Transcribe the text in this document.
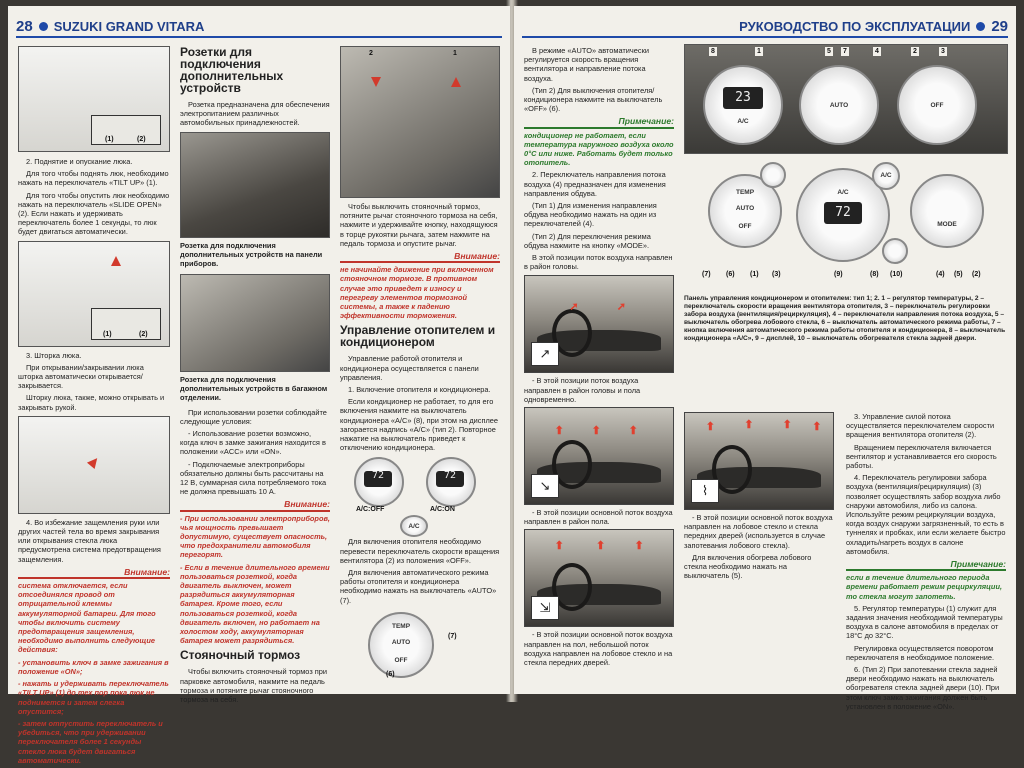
28 SUZUKI GRAND VITARA
(1)	(2)

2. Поднятие и опускание люка.

Для того чтобы поднять люк, необходимо нажать на переключатель «TILT UP» (1).

Для того чтобы опустить люк необходимо нажать на переключатель «SLIDE OPEN» (2). Если нажать и удерживать переключатель более 1 секунды, то люк будет двигаться автоматически.

(1)	(2)

3. Шторка люка.

При открывании/закрывании люка шторка автоматически открывается/закрывается.

Шторку люка, также, можно открывать и закрывать рукой.

4. Во избежание защемления руки или других частей тела во время закрывания или открывания стекла люка предусмотрена система предотвращения защемления.

Внимание:

система отключается, если отсоединялся провод от отрицательной клеммы аккумуляторной батареи. Для того чтобы включить систему предотвращения защемления, необходимо выполнить следующие действия:

- установить ключ в замке зажигания в положение «ON»;

- нажать и удерживать переключатель «TILT UP» (1) до тех пор пока люк не поднимется и затем слегка опустится;

- затем отпустить переключатель и убедиться, что при удерживании переключателя более 1 секунды стекло люка будет двигаться автоматически.

Розетки для подключения дополнительных устройств

Розетка предназначена для обеспечения электропитанием различных автомобильных принадлежностей.

Розетка для подключения дополнительных устройств на панели приборов.
Розетка для подключения дополнительных устройств в багажном отделении.

При использовании розетки соблюдайте следующие условия:

- Использование розетки возможно, когда ключ в замке зажигания находится в положении «ACC» или «ON».

- Подключаемые электроприборы обязательно должны быть рассчитаны на 12 В, суммарная сила потребляемого тока не должна превышать 10 А.

Внимание:

- При использовании электроприборов, чья мощность превышает допустимую, существует опасность, что предохранители автомобиля перегорят.

- Если в течение длительного времени пользоваться розеткой, когда двигатель выключен, может разрядиться аккумуляторная батарея. Кроме того, если пользоваться розеткой, когда двигатель включен, но работает на холостом ходу, аккумуляторная батарея может разрядиться.

Стояночный тормоз

Чтобы включить стояночный тормоз при парковке автомобиля, нажмите на педаль тормоза и потяните рычаг стояночного тормоза на себя.

2	1

Чтобы выключить стояночный тормоз, потяните рычаг стояночного тормоза на себя, нажмите и удерживайте кнопку, находящуюся в торце рукоятки рычага, затем нажмите на педаль тормоза и опустите рычаг.

Внимание:

не начинайте движение при включенном стояночном тормозе. В противном случае это приведет к износу и перегреву элементов тормозной системы, а также к падению эффективности торможения.

Управление отопителем и кондиционером

Управление работой отопителя и кондиционера осуществляется с панели управления.

1. Включение отопителя и кондиционера.

Если кондиционер не работает, то для его включения нажмите на выключатель кондиционера «A/C» (8), при этом на дисплее загорается надпись «A/C» (тип 2). Повторное нажатие на выключатель приведет к отключению кондиционера.

72	72
A/C:OFF	A/C:ON
A/C

Для включения отопителя необходимо перевести переключатель скорости вращения вентилятора (2) из положения «OFF».

Для включения автоматического режима работы отопителя и кондиционера необходимо нажать на выключатель «AUTO» (7).

TEMP
AUTO
OFF
(7)
(6)
РУКОВОДСТВО ПО ЭКСПЛУАТАЦИИ 29

В режиме «AUTO» автоматически регулируется скорость вращения вентилятора и направление потока воздуха.

(Тип 2) Для выключения отопителя/кондиционера нажмите на выключатель «OFF» (6).

Примечание:

кондиционер не работает, если температура наружного воздуха около 0°С или ниже. Работать будет только отопитель.

2. Переключатель направления потока воздуха (4) предназначен для изменения направления обдува.

(Тип 1) Для изменения направления обдува необходимо нажать на один из переключателей (4).

(Тип 2) Для переключения режима обдува нажмите на кнопку «MODE».

В этой позиции поток воздуха направлен в район головы.

➚	➚
↗

- В этой позиции поток воздуха направлен в район головы и пола одновременно.

⬆	⬆	⬆
↘

- В этой позиции основной поток воздуха направлен в район пола.

⬆	⬆	⬆
⇲

- В этой позиции основной поток воздуха направлен на пол, небольшой поток воздуха направлен на лобовое стекло и на стекла передних дверей.

8	1	5 7	4	2	3
23
A/C
AUTO	OFF
TEMP
AUTO
OFF
A/C
72
A/C
MODE
(7) (6) (1) (3)	(9)	(8) (10)	(4) (5) (2)
Панель управления кондиционером и отопителем: тип 1; 2. 1 – регулятор температуры, 2 – переключатель скорости вращения вентилятора отопителя, 3 – переключатель регулировки забора воздуха (вентиляция/рециркуляция), 4 – переключатели направления потока воздуха, 5 – выключатель обогрева лобового стекла, 6 – выключатель автоматического режима работы, 7 – кнопка включения автоматического режима работы отопителя и кондиционера, 8 – выключатель кондиционера «A/C», 9 – дисплей, 10 – выключатель обогревателя стекла задней двери.
⬆	⬆	⬆ ⬆
⌇

- В этой позиции основной поток воздуха направлен на лобовое стекло и стекла передних дверей (используется в случае запотевания лобового стекла).

Для включения обогрева лобового стекла необходимо нажать на выключатель (5).

3. Управление силой потока осуществляется переключателем скорости вращения вентилятора отопителя (2).

Вращением переключателя включается вентилятор и устанавливается его скорость работы.

4. Переключатель регулировки забора воздуха (вентиляция/рециркуляция) (3) позволяет осуществлять забор воздуха либо снаружи автомобиля, либо из салона. Используйте режим рециркуляции воздуха, когда воздух снаружи загрязненный, то есть в туннелях и пробках, или если желаете быстро охладить/нагреть воздух в салоне автомобиля.

Примечание:

если в течение длительного периода времени работает режим рециркуляции, то стекла могут запотеть.

5. Регулятор температуры (1) служит для задания значения необходимой температуры воздуха в салоне автомобиля в пределах от 18°С до 32°С.

Регулировка осуществляется поворотом переключателя в необходимое положение.

6. (Тип 2) При запотевании стекла задней двери необходимо нажать на выключатель обогревателя стекла задней двери (10). При этом ключ замка зажигания должен быть установлен в положение «ON».
